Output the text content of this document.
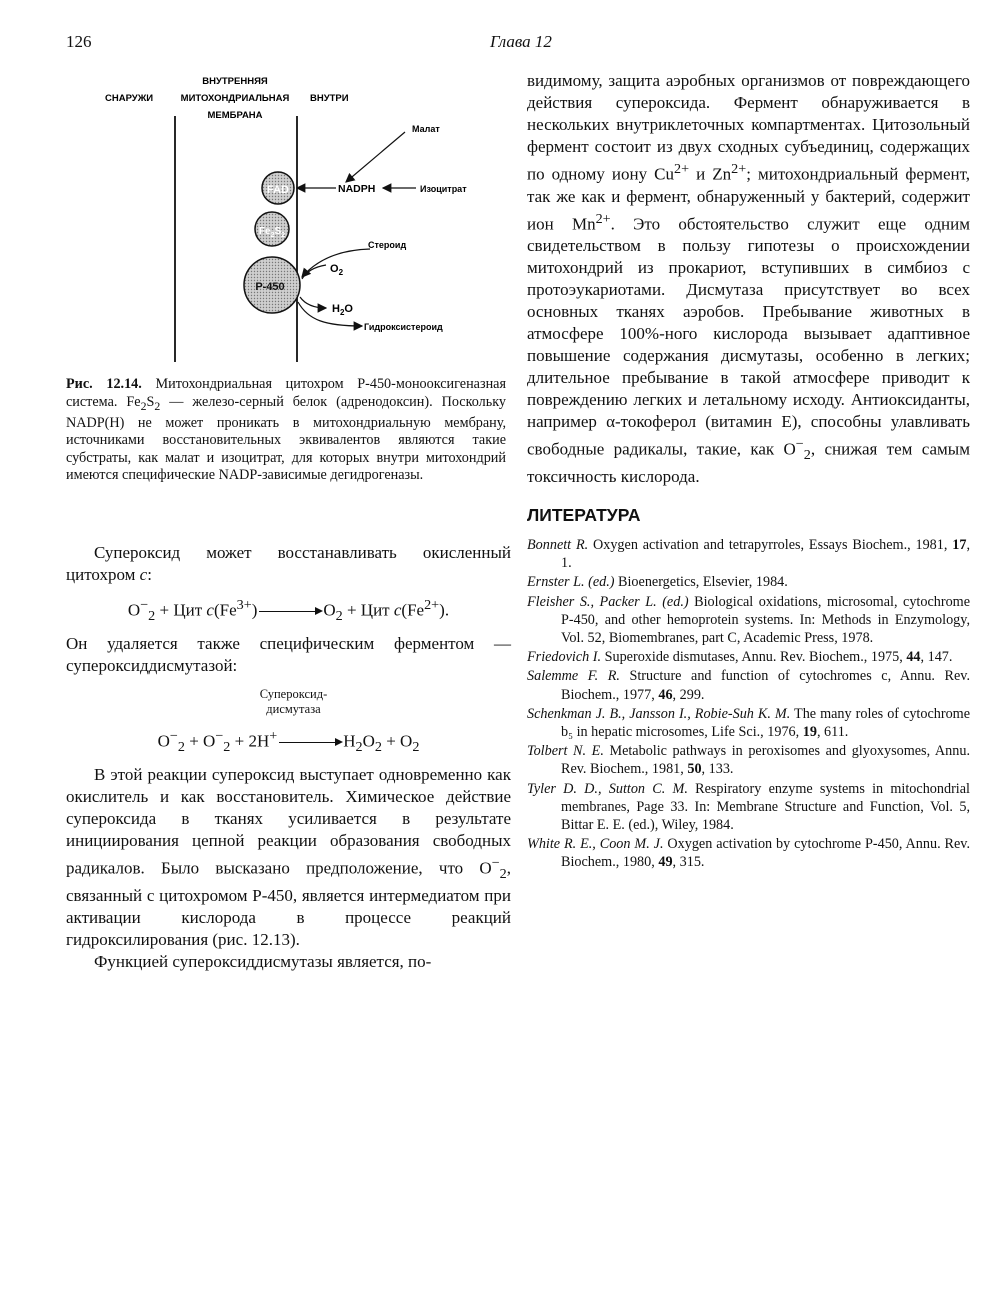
126	Глава 12
ВНУТРЕННЯЯ
СНАРУЖИ	МИТОХОНДРИАЛЬНАЯ ВНУТРИ
МЕМБРАНА
Малат
FAD	NADPH	Изоцитрат
$Fe_2S_2$
P-450
Стероид
$O_2$
$H_2O$
Гидроксистероид

Рис. 12.14. Митохондриальная цитохром Р-450-монооксигеназная система. $Fe_2S_2$ — железо-серный белок (адренодоксин). Поскольку NADP(H) не может проникать в митохондриальную мембрану, источниками восстановительных эквивалентов являются такие субстраты, как малат и изоцитрат, для которых внутри митохондрий имеются специфические NADP-зависимые дегидрогеназы.

Супероксид может восстанавливать окисленный цитохром c:

$O^-_2$ + Цит $c(Fe^{3+}) \to O_2$ + Цит $c(Fe^{2+})$.

Он удаляется также специфическим ферментом — супероксиддисмутазой:

Супероксид-
дисмутаза
$O^-_2 + O^-_2 + 2H^+ \to H_2O_2 + O_2$

В этой реакции супероксид выступает одновременно как окислитель и как восстановитель. Химическое действие супероксида в тканях усиливается в результате инициирования цепной реакции образования свободных радикалов. Было высказано предположение, что $O^-_2$, связанный с цитохромом Р-450, является интермедиатом при активации кислорода в процессе реакций гидроксилирования (рис. 12.13).

Функцией супероксиддисмутазы является, по-

видимому, защита аэробных организмов от повреждающего действия супероксида. Фермент обнаруживается в нескольких внутриклеточных компартментах. Цитозольный фермент состоит из двух сходных субъединиц, содержащих по одному иону $Cu^{2+}$ и $Zn^{2+}$; митохондриальный фермент, так же как и фермент, обнаруженный у бактерий, содержит ион $Mn^{2+}$. Это обстоятельство служит еще одним свидетельством в пользу гипотезы о происхождении митохондрий из прокариот, вступивших в симбиоз с протоэукариотами. Дисмутаза присутствует во всех основных тканях аэробов. Пребывание животных в атмосфере 100%-ного кислорода вызывает адаптивное повышение содержания дисмутазы, особенно в легких; длительное пребывание в такой атмосфере приводит к повреждению легких и летальному исходу. Антиоксиданты, например α-токоферол (витамин E), способны улавливать свободные радикалы, такие, как $O^-_2$, снижая тем самым токсичность кислорода.

ЛИТЕРАТУРА
Bonnett R. Oxygen activation and tetrapyrroles, Essays Biochem., 1981, 17, 1.
Ernster L. (ed.) Bioenergetics, Elsevier, 1984.
Fleisher S., Packer L. (ed.) Biological oxidations, microsomal, cytochrome P-450, and other hemoprotein systems. In: Methods in Enzymology, Vol. 52, Biomembranes, part C, Academic Press, 1978.
Friedovich I. Superoxide dismutases, Annu. Rev. Biochem., 1975, 44, 147.
Salemme F. R. Structure and function of cytochromes c, Annu. Rev. Biochem., 1977, 46, 299.
Schenkman J. B., Jansson I., Robie-Suh K. M. The many roles of cytochrome b₅ in hepatic microsomes, Life Sci., 1976, 19, 611.
Tolbert N. E. Metabolic pathways in peroxisomes and glyoxysomes, Annu. Rev. Biochem., 1981, 50, 133.
Tyler D. D., Sutton C. M. Respiratory enzyme systems in mitochondrial membranes, Page 33. In: Membrane Structure and Function, Vol. 5, Bittar E. E. (ed.), Wiley, 1984.
White R. E., Coon M. J. Oxygen activation by cytochrome P-450, Annu. Rev. Biochem., 1980, 49, 315.
